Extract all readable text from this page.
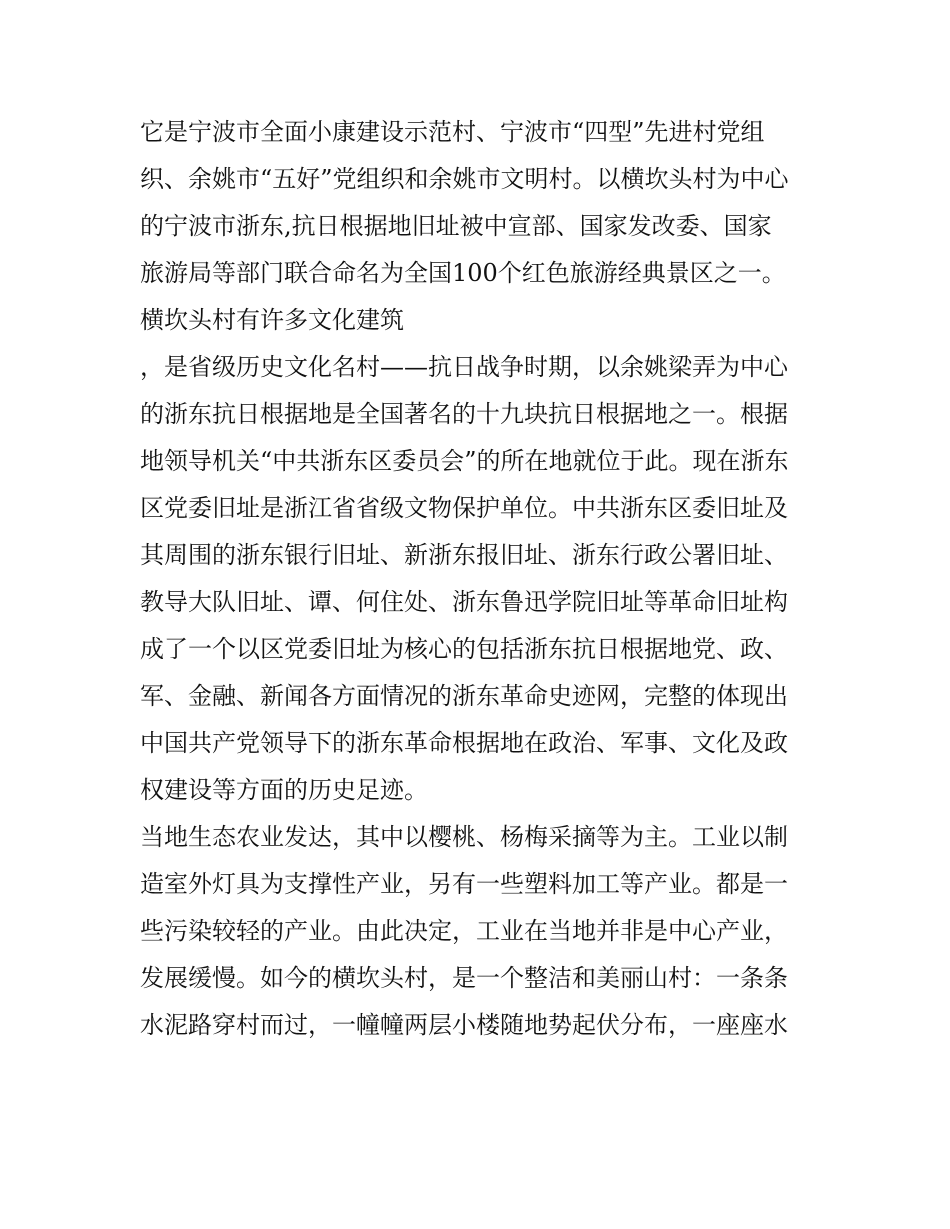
它是宁波市全面小康建设示范村、宁波市“四型”先进村党组
织、余姚市“五好”党组织和余姚市文明村。以横坎头村为中心
的宁波市浙东,抗日根据地旧址被中宣部、国家发改委、国家
旅游局等部门联合命名为全国100个红色旅游经典景区之一。
横坎头村有许多文化建筑
，是省级历史文化名村——抗日战争时期，以余姚梁弄为中心
的浙东抗日根据地是全国著名的十九块抗日根据地之一。根据
地领导机关“中共浙东区委员会”的所在地就位于此。现在浙东
区党委旧址是浙江省省级文物保护单位。中共浙东区委旧址及
其周围的浙东银行旧址、新浙东报旧址、浙东行政公署旧址、
教导大队旧址、谭、何住处、浙东鲁迅学院旧址等革命旧址构
成了一个以区党委旧址为核心的包括浙东抗日根据地党、政、
军、金融、新闻各方面情况的浙东革命史迹网，完整的体现出
中国共产党领导下的浙东革命根据地在政治、军事、文化及政
权建设等方面的历史足迹。
当地生态农业发达，其中以樱桃、杨梅采摘等为主。工业以制
造室外灯具为支撑性产业，另有一些塑料加工等产业。都是一
些污染较轻的产业。由此决定，工业在当地并非是中心产业，
发展缓慢。如今的横坎头村，是一个整洁和美丽山村：一条条
水泥路穿村而过，一幢幢两层小楼随地势起伏分布，一座座水
